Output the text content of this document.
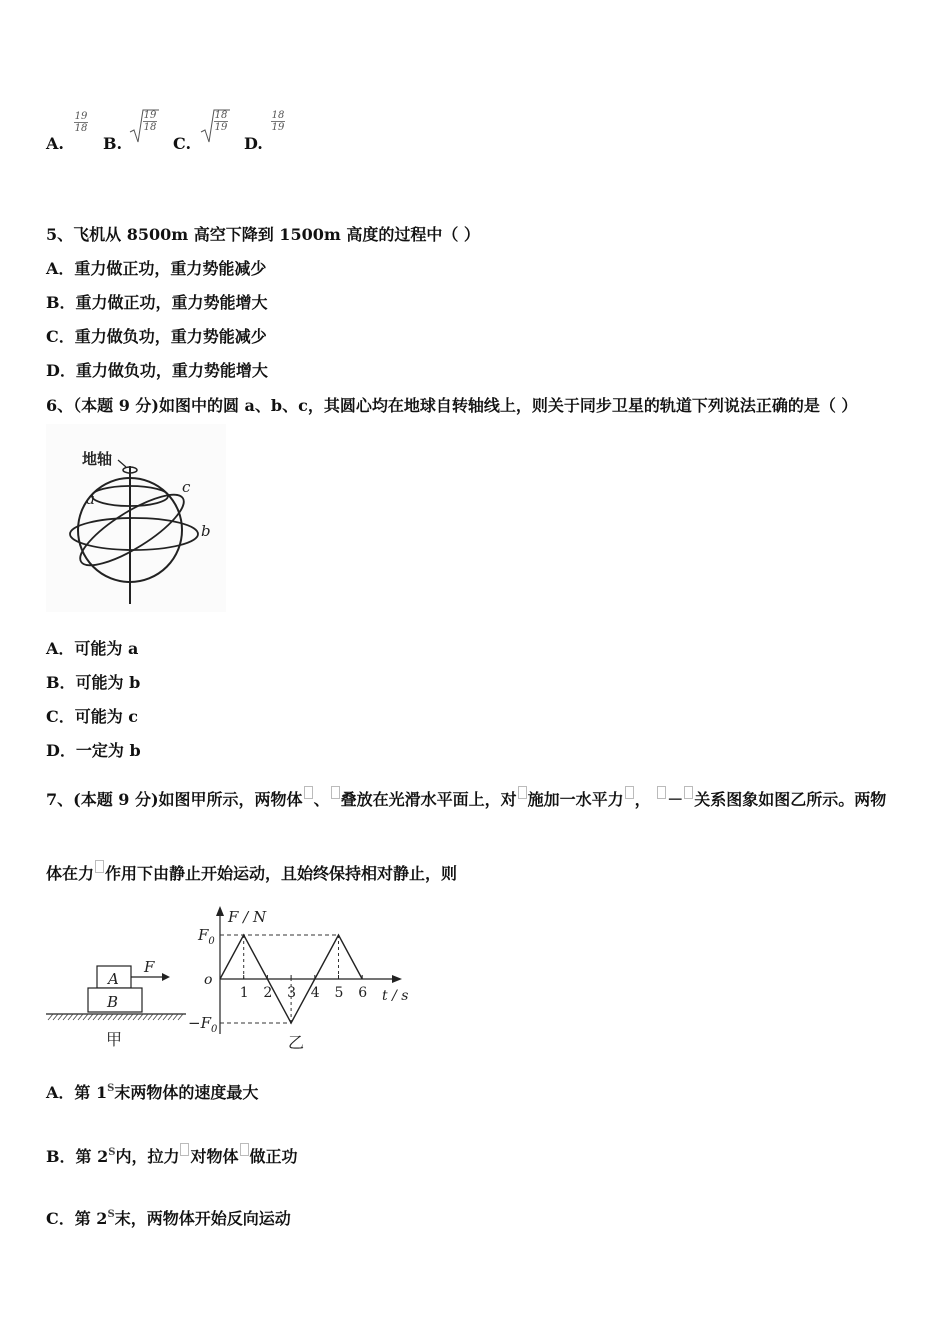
A.
$\frac{19}{18}$
B.
$\frac{19}{18}$
C.
$\frac{18}{19}$
D.
$\frac{18}{19}$
5、飞机从 8500m 高空下降到 1500m 高度的过程中（ ）
A．重力做正功，重力势能减少
B．重力做正功，重力势能增大
C．重力做负功，重力势能减少
D．重力做负功，重力势能增大
6、（本题 9 分)如图中的圆 a、b、c，其圆心均在地球自转轴线上，则关于同步卫星的轨道下列说法正确的是（ ）
地轴
a
b
c
A．可能为 a
B．可能为 b
C．可能为 c
D．一定为 b
7、(本题 9 分)如图甲所示，两物体 、 叠放在光滑水平面上，对 施加一水平力 ， － 关系图象如图乙所示。两物
体在力 作用下由静止开始运动，且始终保持相对静止，则
A
B
F
甲
F / N
t / s
o
$F_0$
$-F_0$
1 2 3 4 5 6
乙
A．第 $1^S$末两物体的速度最大
B．第 $2^S$内，拉力 对物体 做正功
C．第 $2^S$末，两物体开始反向运动
